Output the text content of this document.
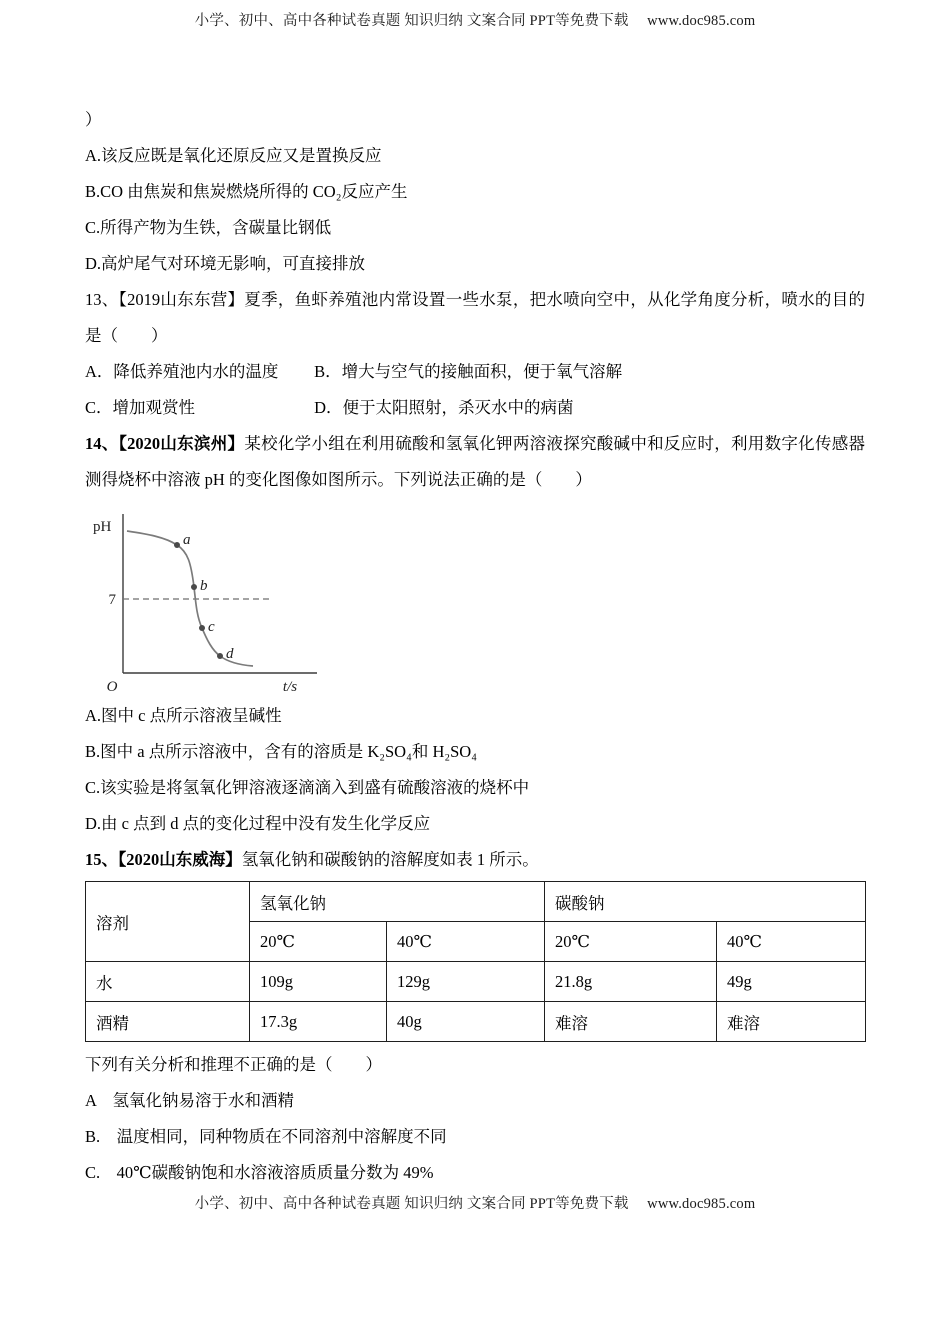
小学、初中、高中各种试卷真题 知识归纳 文案合同 PPT等免费下载　 www.doc985.com

）

A.该反应既是氧化还原反应又是置换反应

B.CO 由焦炭和焦炭燃烧所得的 CO₂反应产生

C.所得产物为生铁，含碳量比钢低

D.高炉尾气对环境无影响，可直接排放

13、【2019山东东营】夏季，鱼虾养殖池内常设置一些水泵，把水喷向空中，从化学角度分析，喷水的目的是（　　）

A．降低养殖池内水的温度 B．增大与空气的接触面积，便于氧气溶解

C．增加观赏性	D．便于太阳照射，杀灭水中的病菌

14、【2020山东滨州】某校化学小组在利用硫酸和氢氧化钾两溶液探究酸碱中和反应时，利用数字化传感器测得烧杯中溶液 pH 的变化图像如图所示。下列说法正确的是（　　）

pH
O	t/s
7
a
b
c
d

A.图中 c 点所示溶液呈碱性

B.图中 a 点所示溶液中，含有的溶质是 K₂SO₄和 H₂SO₄

C.该实验是将氢氧化钾溶液逐滴滴入到盛有硫酸溶液的烧杯中

D.由 c 点到 d 点的变化过程中没有发生化学反应

15、【2020山东威海】氢氧化钠和碳酸钠的溶解度如表 1 所示。

溶剂	氢氧化钠		碳酸钠	
	20℃	40℃	20℃	40℃
水	109g	129g	21.8g	49g
酒精	17.3g	40g	难溶	难溶

下列有关分析和推理不正确的是（　　）

A　氢氧化钠易溶于水和酒精

B.　温度相同，同种物质在不同溶剂中溶解度不同

C.　40℃碳酸钠饱和水溶液溶质质量分数为 49%

小学、初中、高中各种试卷真题 知识归纳 文案合同 PPT等免费下载　 www.doc985.com
